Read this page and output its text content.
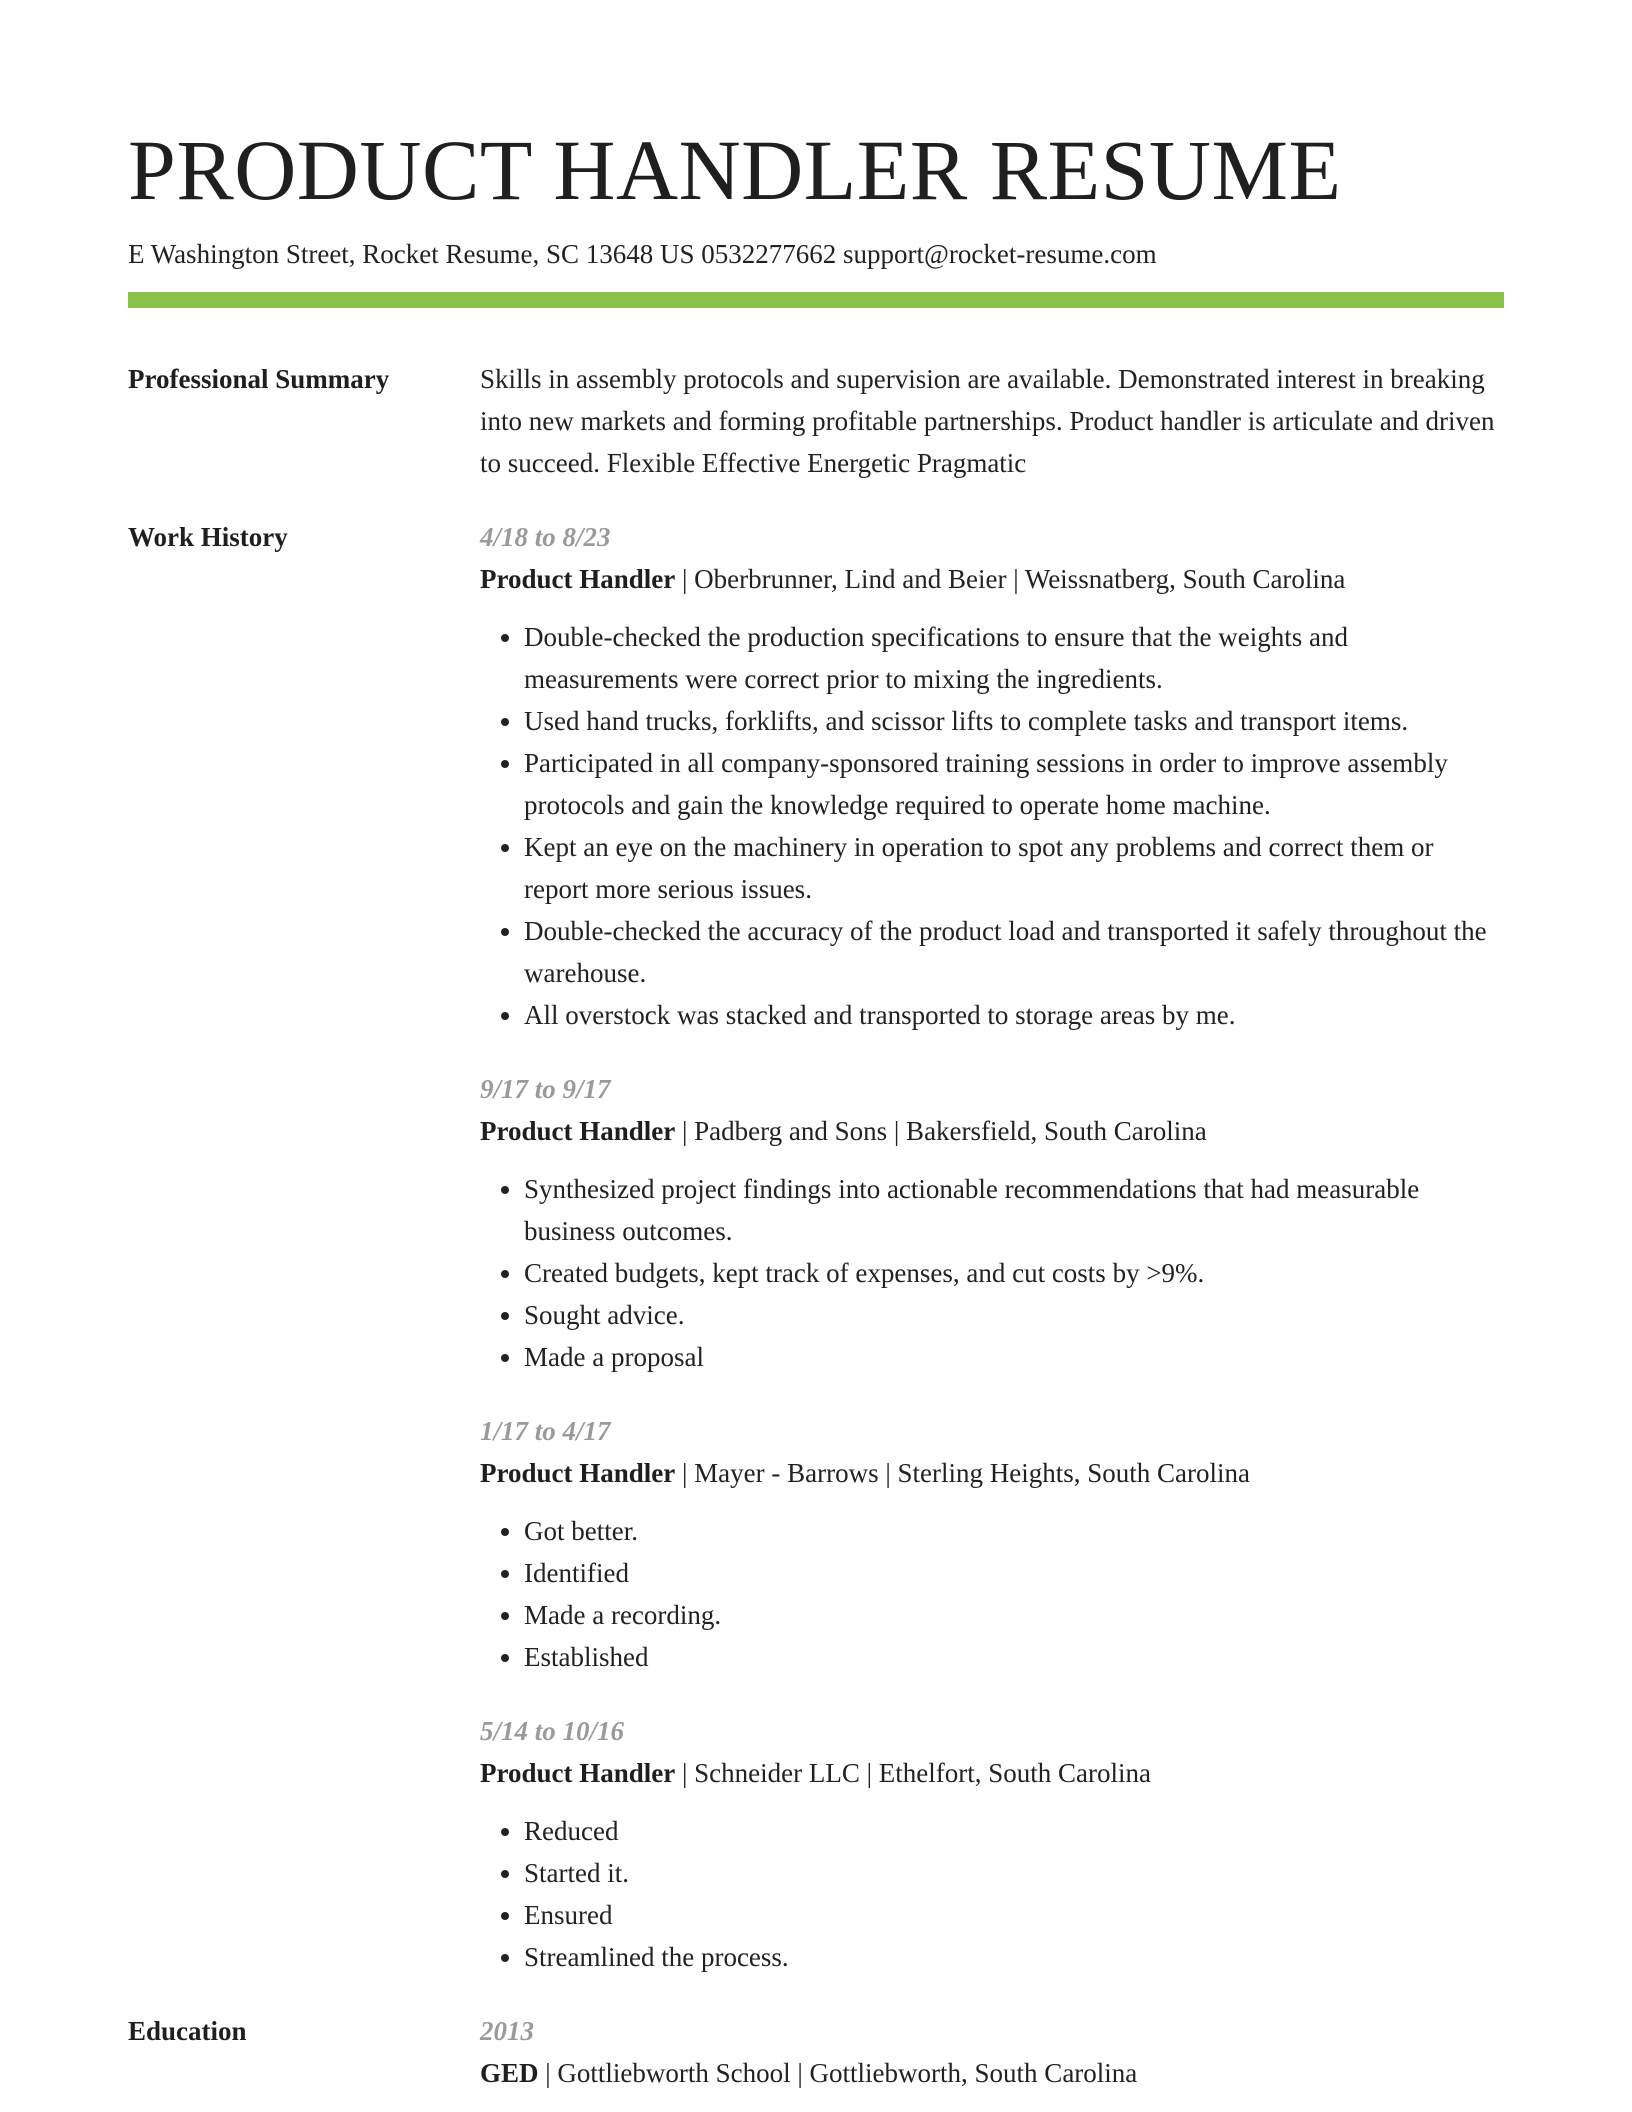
PRODUCT HANDLER RESUME
E Washington Street, Rocket Resume, SC 13648 US 0532277662 support@rocket-resume.com
Professional Summary	Skills in assembly protocols and supervision are available. Demonstrated interest in breaking into new markets and forming profitable partnerships. Product handler is articulate and driven to succeed. Flexible Effective Energetic Pragmatic
Work History	4/18 to 8/23
Product Handler | Oberbrunner, Lind and Beier | Weissnatberg, South Carolina
• Double-checked the production specifications to ensure that the weights and measurements were correct prior to mixing the ingredients.
• Used hand trucks, forklifts, and scissor lifts to complete tasks and transport items.
• Participated in all company-sponsored training sessions in order to improve assembly protocols and gain the knowledge required to operate home machine.
• Kept an eye on the machinery in operation to spot any problems and correct them or report more serious issues.
• Double-checked the accuracy of the product load and transported it safely throughout the warehouse.
• All overstock was stacked and transported to storage areas by me.
9/17 to 9/17
Product Handler | Padberg and Sons | Bakersfield, South Carolina
• Synthesized project findings into actionable recommendations that had measurable business outcomes.
• Created budgets, kept track of expenses, and cut costs by >9%.
• Sought advice.
• Made a proposal
1/17 to 4/17
Product Handler | Mayer - Barrows | Sterling Heights, South Carolina
• Got better.
• Identified
• Made a recording.
• Established
5/14 to 10/16
Product Handler | Schneider LLC | Ethelfort, South Carolina
• Reduced
• Started it.
• Ensured
• Streamlined the process.
Education	2013
GED | Gottliebworth School | Gottliebworth, South Carolina
